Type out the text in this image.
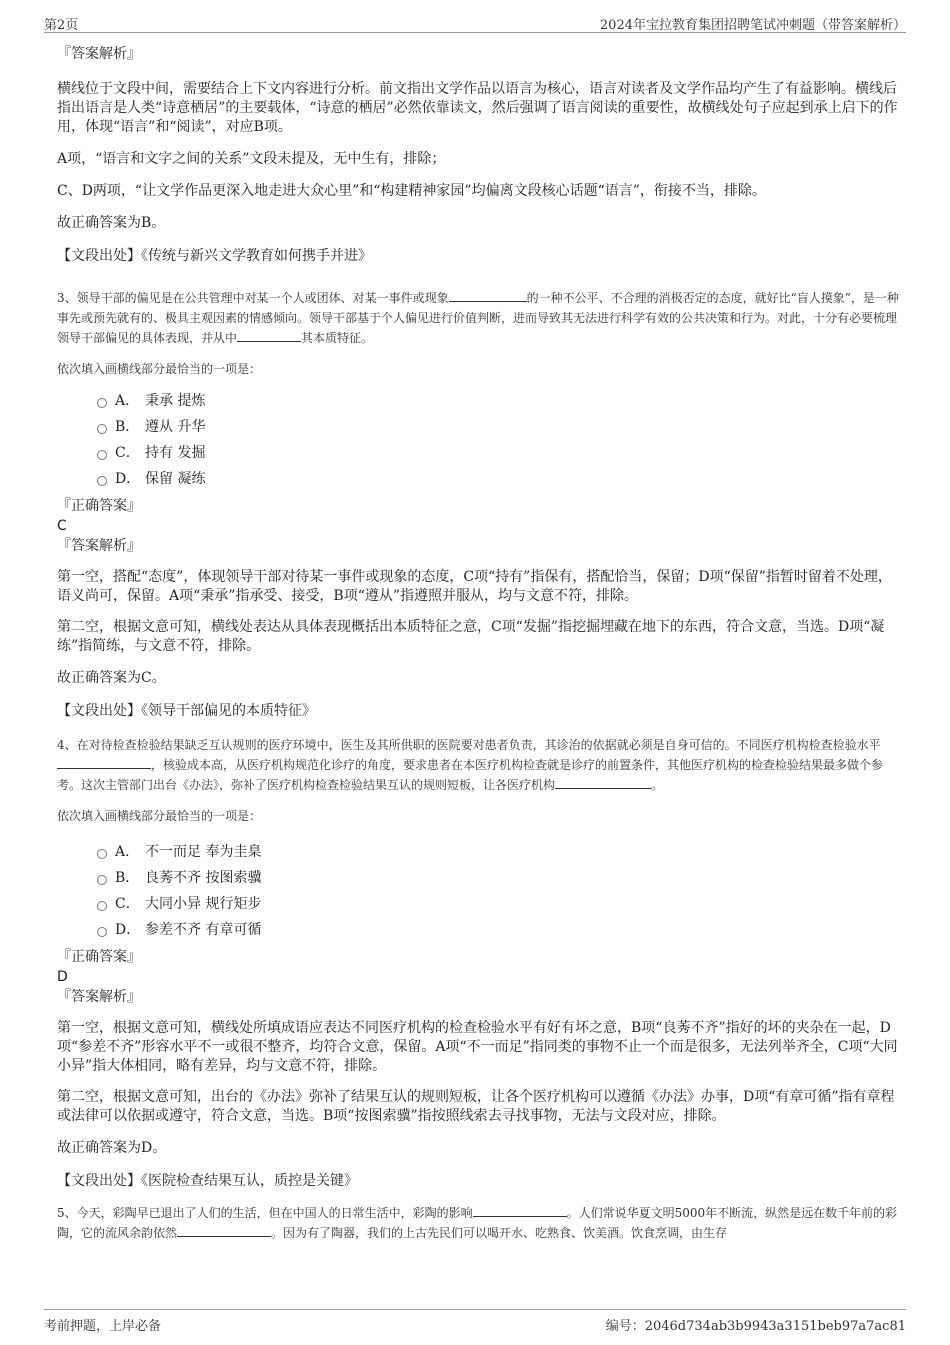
第2页	2024年宝拉教育集团招聘笔试冲刺题（带答案解析）

『答案解析』

横线位于文段中间，需要结合上下文内容进行分析。前文指出文学作品以语言为核心，语言对读者及文学作品均产生了有益影响。横线后指出语言是人类“诗意栖居”的主要载体，“诗意的栖居”必然依靠读文，然后强调了语言阅读的重要性，故横线处句子应起到承上启下的作用，体现“语言”和“阅读”，对应B项。

A项，“语言和文字之间的关系”文段未提及，无中生有，排除；

C、D两项，“让文学作品更深入地走进大众心里”和“构建精神家园”均偏离文段核心话题“语言”，衔接不当，排除。

故正确答案为B。

【文段出处】《传统与新兴文学教育如何携手并进》

3、领导干部的偏见是在公共管理中对某一个人或团体、对某一事件或现象	的一种不公平、不合理的消极否定的态度，就好比“盲人摸象”，是一种事先或预先就有的、极具主观因素的情感倾向。领导干部基于个人偏见进行价值判断，进而导致其无法进行科学有效的公共决策和行为。对此，十分有必要梳理领导干部偏见的具体表现，并从中	其本质特征。

依次填入画横线部分最恰当的一项是：

A． 秉承 提炼
B． 遵从 升华
C． 持有 发掘
D． 保留 凝练

『正确答案』

C

『答案解析』

第一空，搭配“态度”，体现领导干部对待某一事件或现象的态度，C项“持有”指保有，搭配恰当，保留；D项“保留”指暂时留着不处理，语义尚可，保留。A项“秉承”指承受、接受，B项“遵从”指遵照并服从，均与文意不符，排除。

第二空，根据文意可知，横线处表达从具体表现概括出本质特征之意，C项“发掘”指挖掘埋藏在地下的东西，符合文意，当选。D项“凝练”指简练，与文意不符，排除。

故正确答案为C。

【文段出处】《领导干部偏见的本质特征》

4、在对待检查检验结果缺乏互认规则的医疗环境中，医生及其所供职的医院要对患者负责，其诊治的依据就必须是自身可信的。不同医疗机构检查检验水平，核验成本高，从医疗机构规范化诊疗的角度，要求患者在本医疗机构检查就是诊疗的前置条件，其他医疗机构的检查检验结果最多做个参考。这次主管部门出台《办法》，弥补了医疗机构检查检验结果互认的规则短板，让各医疗机构	。

依次填入画横线部分最恰当的一项是：

A． 不一而足 奉为圭臬
B． 良莠不齐 按图索骥
C． 大同小异 规行矩步
D． 参差不齐 有章可循

『正确答案』

D

『答案解析』

第一空，根据文意可知，横线处所填成语应表达不同医疗机构的检查检验水平有好有坏之意，B项“良莠不齐”指好的坏的夹杂在一起，D项“参差不齐”形容水平不一或很不整齐，均符合文意，保留。A项“不一而足”指同类的事物不止一个而是很多，无法列举齐全，C项“大同小异”指大体相同，略有差异，均与文意不符，排除。

第二空，根据文意可知，出台的《办法》弥补了结果互认的规则短板，让各个医疗机构可以遵循《办法》办事，D项“有章可循”指有章程或法律可以依据或遵守，符合文意，当选。B项“按图索骥”指按照线索去寻找事物，无法与文段对应，排除。

故正确答案为D。

【文段出处】《医院检查结果互认，质控是关键》

5、今天，彩陶早已退出了人们的生活，但在中国人的日常生活中，彩陶的影响	。人们常说华夏文明5000年不断流，纵然是远在数千年前的彩陶，它的流风余韵依然	。因为有了陶器，我们的上古先民们可以喝开水、吃熟食、饮美酒。饮食烹调，由生存

考前押题，上岸必备	编号：2046d734ab3b9943a3151beb97a7ac81
